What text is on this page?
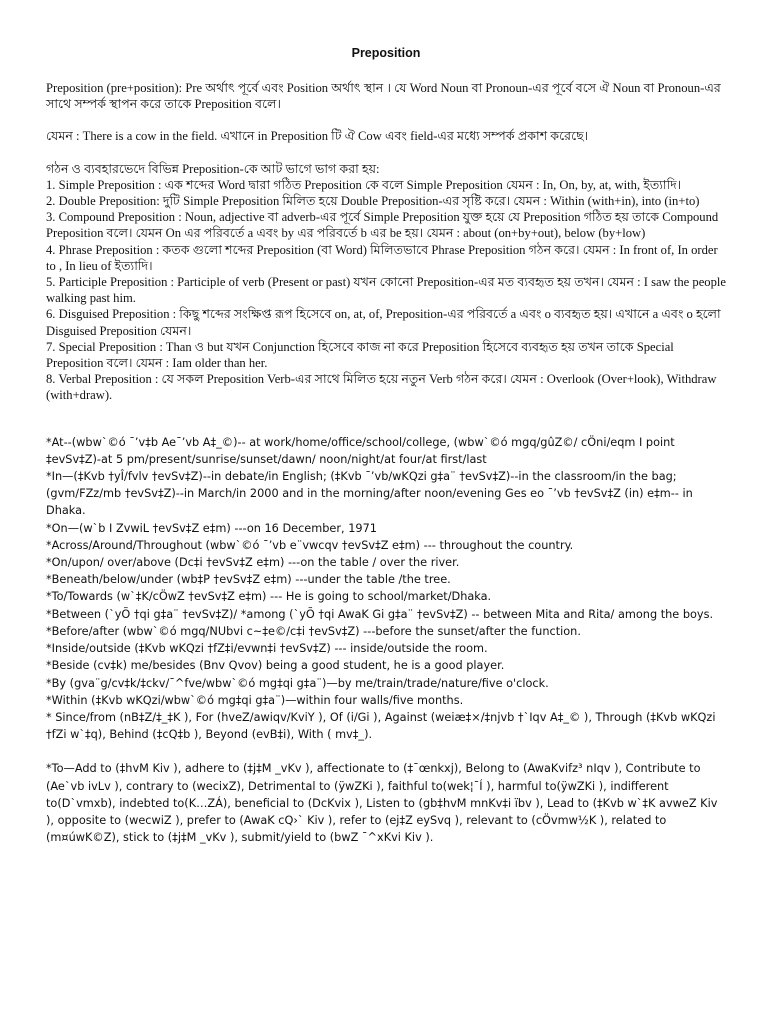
Preposition

Preposition (pre+position): Pre অর্থাৎ পূর্বে এবং Position অর্থাৎ স্থান । যে Word Noun বা Pronoun-এর পূর্বে বসে ঐ Noun বা Pronoun-এর সাথে সম্পর্ক স্থাপন করে তাকে Preposition বলে।

যেমন : There is a cow in the field. এখানে in Preposition টি ঐ Cow এবং field-এর মধ্যে সম্পর্ক প্রকাশ করেছে।

গঠন ও ব্যবহারভেদে বিভিন্ন Preposition-কে আট ভাগে ভাগ করা হয়:

1. Simple Preposition : এক শব্দের Word দ্বারা গঠিত Preposition কে বলে Simple Preposition যেমন : In, On, by, at, with, ইত্যাদি।

2. Double Preposition: দুটি Simple Preposition মিলিত হয়ে Double Preposition-এর সৃষ্টি করে। যেমন : Within (with+in), into (in+to)

3. Compound Preposition : Noun, adjective বা adverb-এর পূর্বে Simple Preposition যুক্ত হয়ে যে Preposition গঠিত হয় তাকে Compound Preposition বলে। যেমন On এর পরিবর্তে a এবং by এর পরিবর্তে b এর be হয়। যেমন : about (on+by+out), below (by+low)

4. Phrase Preposition : কতক গুলো শব্দের Preposition (বা Word) মিলিতভাবে Phrase Preposition গঠন করে। যেমন : In front of, In order to , In lieu of ইত্যাদি।

5. Participle Preposition : Participle of verb (Present or past) যখন কোনো Preposition-এর মত ব্যবহৃত হয় তখন। যেমন : I saw the people walking past him.

6. Disguised Preposition : কিছু শব্দের সংক্ষিপ্ত রূপ হিসেবে on, at, of, Preposition-এর পরিবর্তে a এবং o ব্যবহৃত হয়। এখানে a এবং o হলো Disguised Preposition যেমন।

7. Special Preposition : Than ও but যখন Conjunction হিসেবে কাজ না করে Preposition হিসেবে ব্যবহৃত হয় তখন তাকে Special Preposition বলে। যেমন : Iam older than her.

8. Verbal Preposition : যে সকল Preposition Verb-এর সাথে মিলিত হয়ে নতুন Verb গঠন করে। যেমন : Overlook (Over+look), Withdraw (with+draw).

*At--(wbw`©ó ¯’v‡b Ae¯’vb A‡_©)-- at work/home/office/school/college, (wbw`©ó mgq/gûZ©/ cÖni/eqm I point ‡evSv‡Z)-at 5 pm/present/sunrise/sunset/dawn/ noon/night/at four/at first/last

*In—(‡Kvb †yÎ/fvlv †evSv‡Z)--in debate/in English; (‡Kvb ¯’vb/wKQzi g‡a¨ †evSv‡Z)--in the classroom/in the bag; (gvm/FZz/mb †evSv‡Z)--in March/in 2000 and in the morning/after noon/evening Ges eo ¯’vb †evSv‡Z (in) e‡m-- in Dhaka.

*On—(w`b I ZvwiL †evSv‡Z e‡m) ---on 16 December, 1971

*Across/Around/Throughout (wbw`©ó ¯’vb e¨vwcqv †evSv‡Z e‡m) --- throughout the country.

*On/upon/ over/above (Dc‡i †evSv‡Z e‡m) ---on the table / over the river.

*Beneath/below/under (wb‡P †evSv‡Z e‡m) ---under the table /the tree.

*To/Towards (w`‡K/cÖwZ †evSv‡Z e‡m) --- He is going to school/market/Dhaka.

*Between (`yÕ †qi g‡a¨ †evSv‡Z)/ *among (`yÕ †qi AwaK Gi g‡a¨ †evSv‡Z) -- between Mita and Rita/ among the boys.

*Before/after (wbw`©ó mgq/NUbvi c~‡e©/c‡i †evSv‡Z) ---before the sunset/after the function.

*Inside/outside (‡Kvb wKQzi †fZ‡i/evwn‡i †evSv‡Z) --- inside/outside the room.

*Beside (cv‡k) me/besides (Bnv Qvov) being a good student, he is a good player.

*By (gva¨g/cv‡k/‡ckv/¯^fve/wbw`©ó mg‡qi g‡a¨)—by me/train/trade/nature/five o'clock.

*Within (‡Kvb wKQzi/wbw`©ó mg‡qi g‡a¨)—within four walls/five months.

* Since/from (nB‡Z/‡_‡K ), For (hveZ/awiqv/KviY ), Of (i/Gi ), Against (weiæ‡×/‡njvb †`Iqv A‡_© ), Through (‡Kvb wKQzi †fZi w`‡q), Behind (‡cQ‡b ), Beyond (evB‡i), With ( mv‡_).

*To—Add to (‡hvM Kiv ), adhere to (‡j‡M _vKv ), affectionate to (‡¯œnkxj), Belong to (AwaKvifz³ nIqv ), Contribute to (Ae`vb ivLv ), contrary to (wecixZ), Detrimental to (ÿwZKi ), faithful to(wek¦¯Í ), harmful to(ÿwZKi ), indifferent to(D`vmxb), indebted to(K…ZÁ), beneficial to (DcKvix ), Listen to (gb‡hvM mnKv‡i ïbv ), Lead to (‡Kvb w`‡K avweZ Kiv ), opposite to (wecwiZ ), prefer to (AwaK cQ›` Kiv ), refer to (ej‡Z eySvq ), relevant to (cÖvmw½K ), related to (m¤úwK©Z), stick to (‡j‡M _vKv ), submit/yield to (bwZ ¯^xKvi Kiv ).
